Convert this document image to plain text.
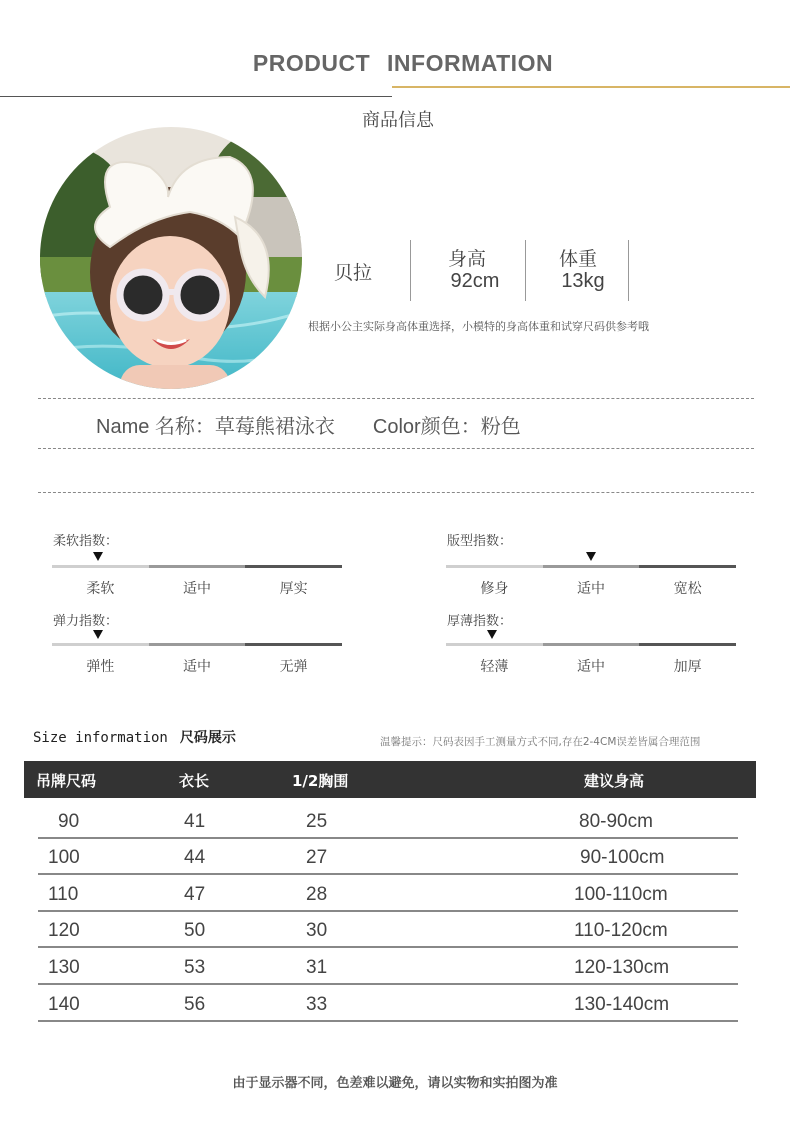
PRODUCT INFORMATION
商品信息
贝拉
身高
92cm
体重
13kg
根据小公主实际身高体重选择，小模特的身高体重和试穿尺码供参考哦
Name 名称：草莓熊裙泳衣 Color颜色：粉色
柔软指数：
柔软	适中	厚实
版型指数：
修身	适中	宽松
弹力指数：
弹性	适中	无弹
厚薄指数：
轻薄	适中	加厚
Size information 尺码展示	温馨提示：尺码表因手工测量方式不同,存在2-4CM误差皆属合理范围
吊牌尺码	衣长	1/2胸围	建议身高
90	41	25	80-90cm
100	44	27	90-100cm
110	47	28	100-110cm
120	50	30	110-120cm
130	53	31	120-130cm
140	56	33	130-140cm
由于显示器不同，色差难以避免，请以实物和实拍图为准
